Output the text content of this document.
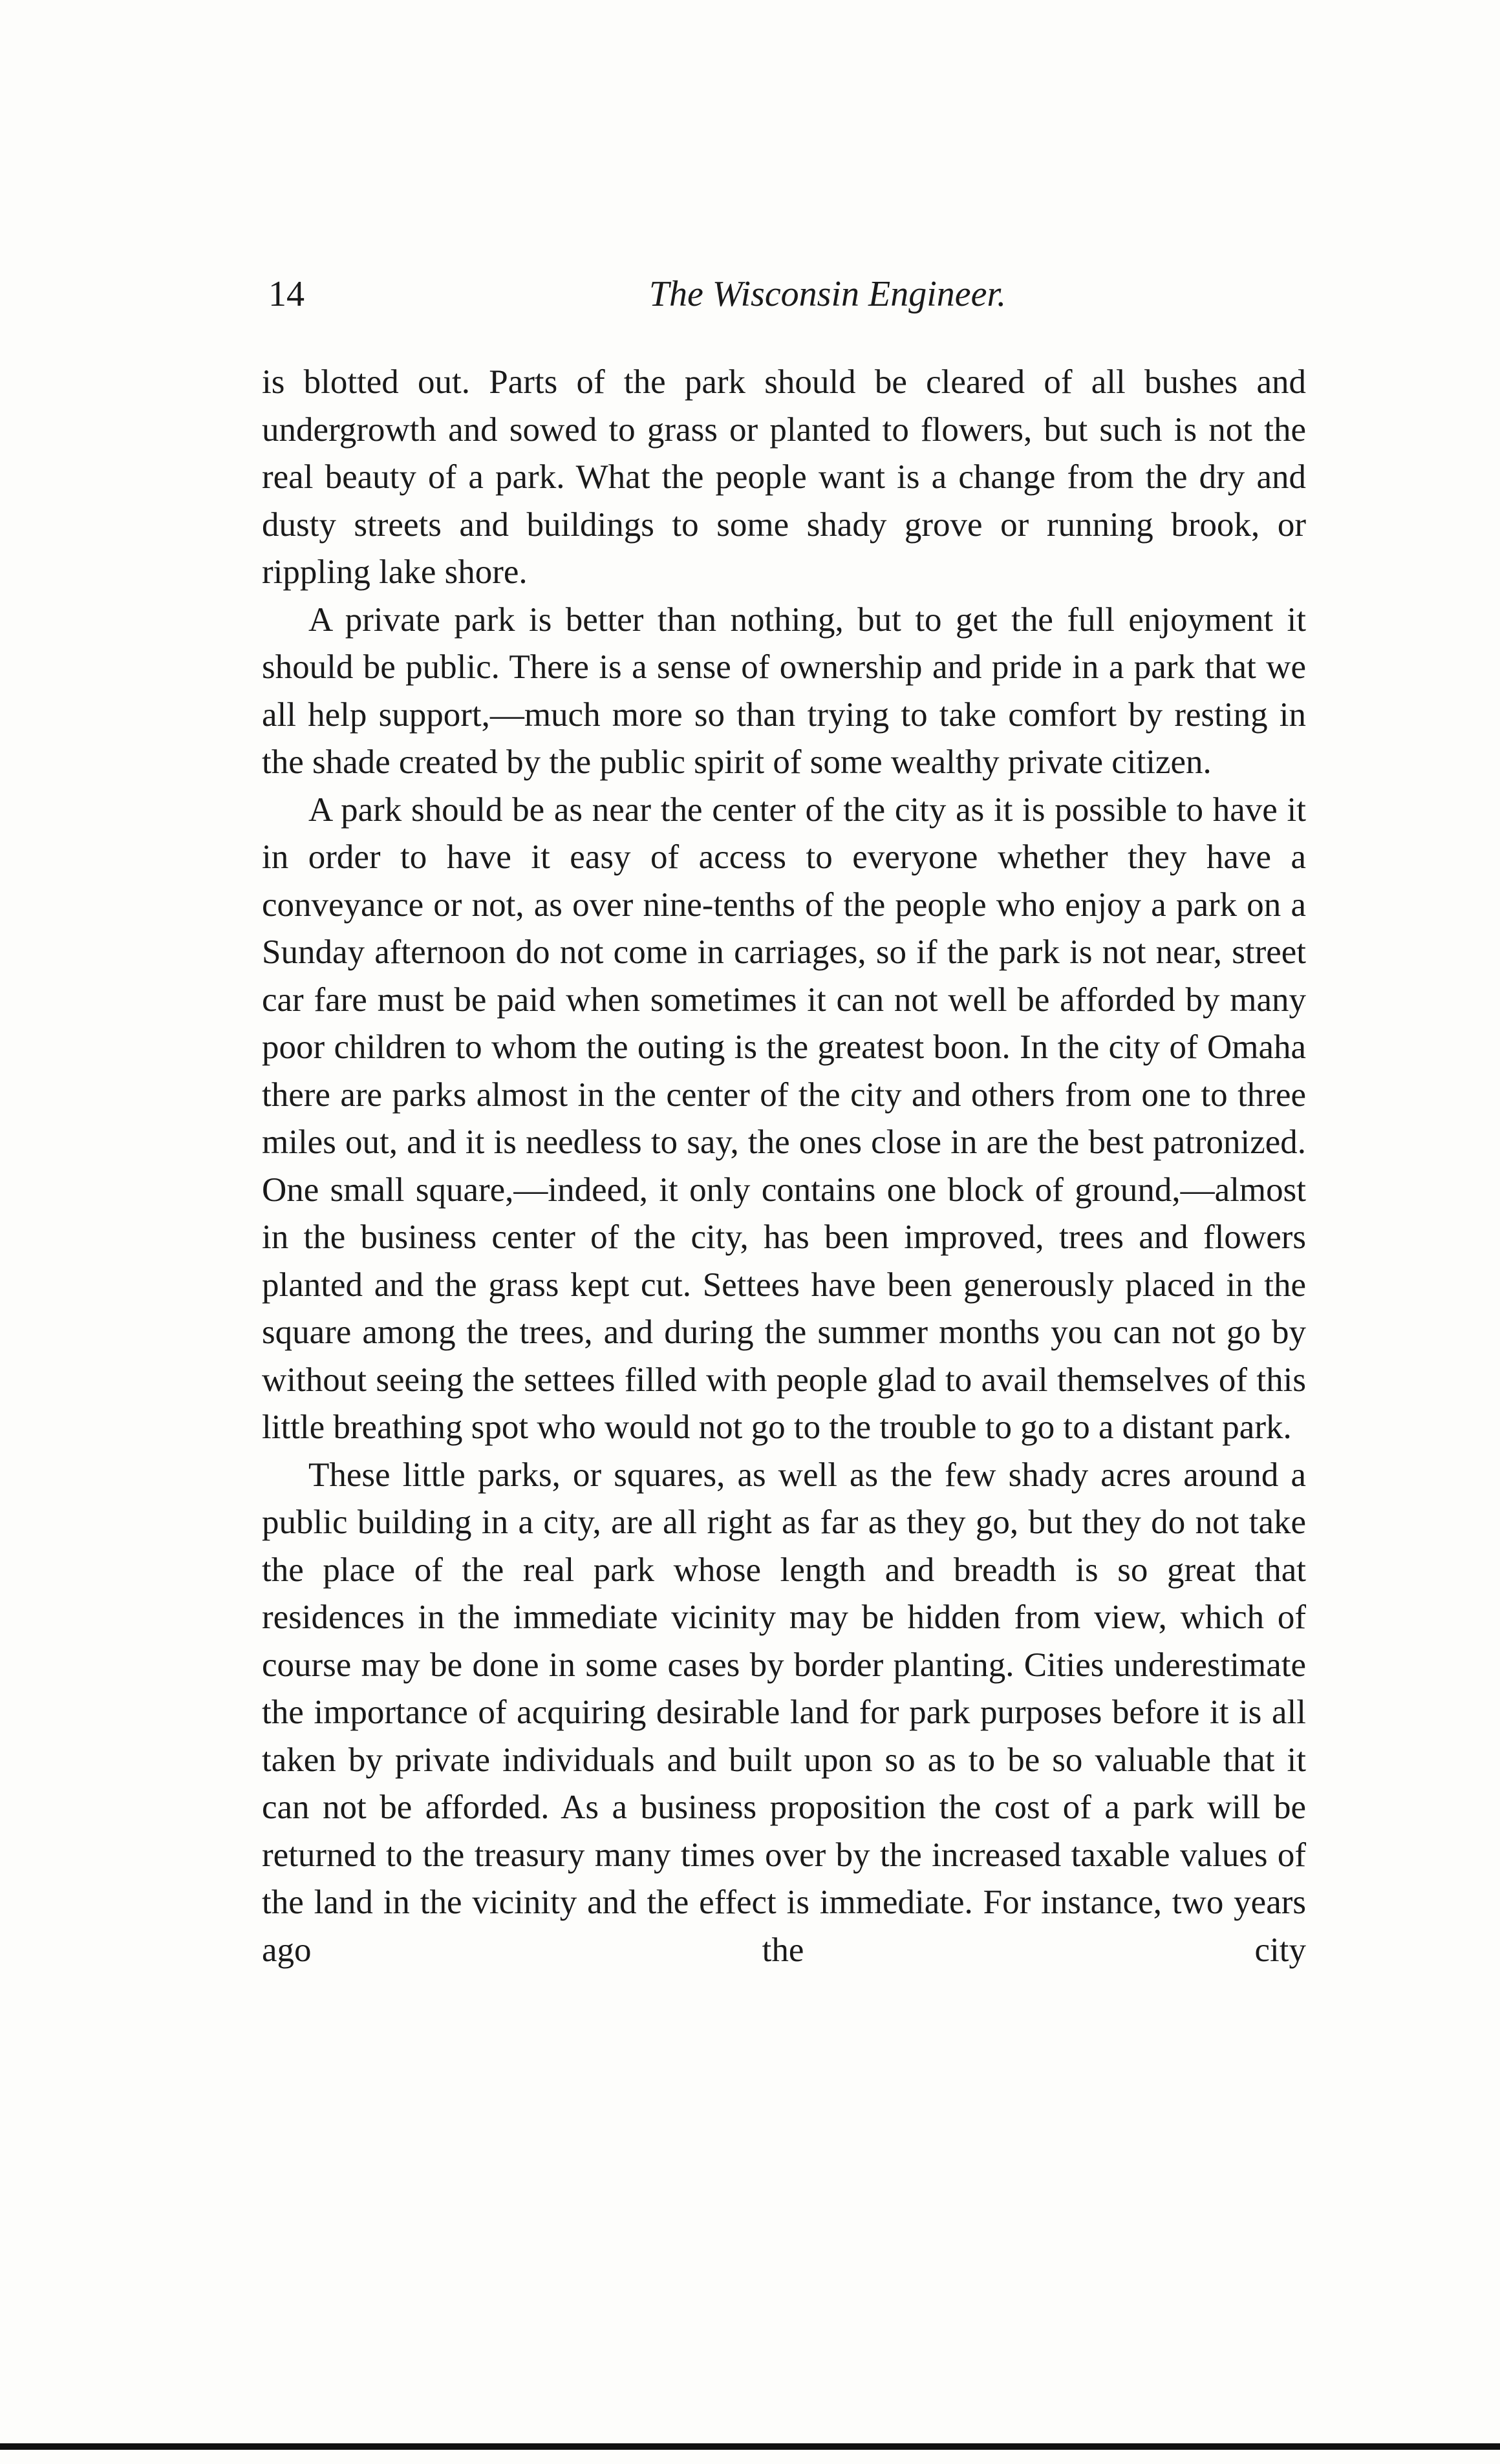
14	The Wisconsin Engineer.

is blotted out. Parts of the park should be cleared of all bushes and undergrowth and sowed to grass or planted to flowers, but such is not the real beauty of a park. What the people want is a change from the dry and dusty streets and buildings to some shady grove or running brook, or rippling lake shore.

A private park is better than nothing, but to get the full enjoyment it should be public. There is a sense of ownership and pride in a park that we all help support,—much more so than trying to take comfort by resting in the shade created by the public spirit of some wealthy private citizen.

A park should be as near the center of the city as it is possible to have it in order to have it easy of access to everyone whether they have a conveyance or not, as over nine-tenths of the people who enjoy a park on a Sunday afternoon do not come in carriages, so if the park is not near, street car fare must be paid when sometimes it can not well be afforded by many poor children to whom the outing is the greatest boon. In the city of Omaha there are parks almost in the center of the city and others from one to three miles out, and it is needless to say, the ones close in are the best patronized. One small square,—indeed, it only contains one block of ground,—almost in the business center of the city, has been improved, trees and flowers planted and the grass kept cut. Settees have been generously placed in the square among the trees, and during the summer months you can not go by without seeing the settees filled with people glad to avail themselves of this little breathing spot who would not go to the trouble to go to a distant park.

These little parks, or squares, as well as the few shady acres around a public building in a city, are all right as far as they go, but they do not take the place of the real park whose length and breadth is so great that residences in the immediate vicinity may be hidden from view, which of course may be done in some cases by border planting. Cities underestimate the importance of acquiring desirable land for park purposes before it is all taken by private individuals and built upon so as to be so valuable that it can not be afforded. As a business proposition the cost of a park will be returned to the treasury many times over by the increased taxable values of the land in the vicinity and the effect is immediate. For instance, two years ago the city
